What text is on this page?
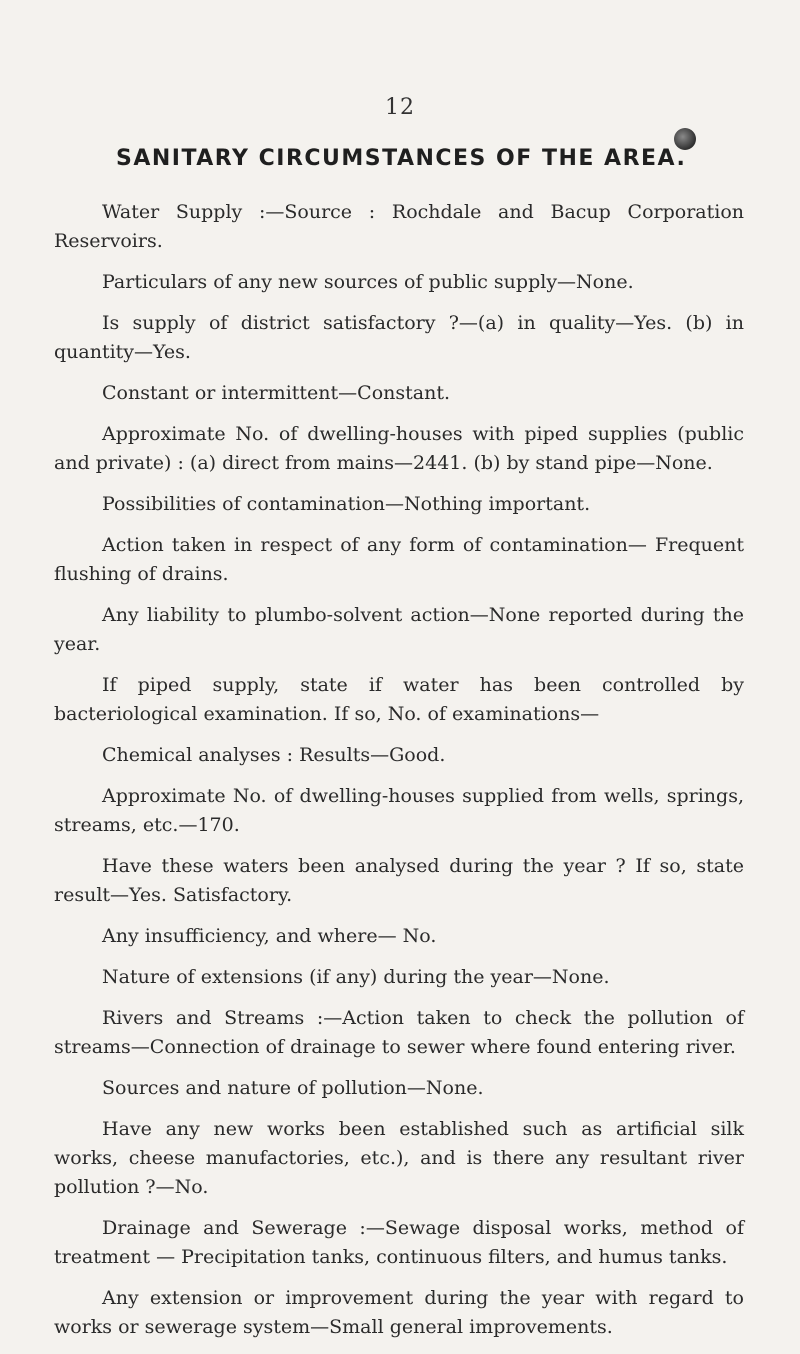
12
SANITARY CIRCUMSTANCES OF THE AREA.

Water Supply :—Source : Rochdale and Bacup Corporation Reservoirs.

Particulars of any new sources of public supply—None.

Is supply of district satisfactory ?—(a) in quality—Yes. (b) in quantity—Yes.

Constant or intermittent—Constant.

Approximate No. of dwelling-houses with piped supplies (public and private) : (a) direct from mains—2441. (b) by stand pipe—None.

Possibilities of contamination—Nothing important.

Action taken in respect of any form of contamination— Frequent flushing of drains.

Any liability to plumbo-solvent action—None reported during the year.

If piped supply, state if water has been controlled by bacteriological examination. If so, No. of examinations—

Chemical analyses : Results—Good.

Approximate No. of dwelling-houses supplied from wells, springs, streams, etc.—170.

Have these waters been analysed during the year ? If so, state result—Yes. Satisfactory.

Any insufficiency, and where— No.

Nature of extensions (if any) during the year—None.

Rivers and Streams :—Action taken to check the pollution of streams—Connection of drainage to sewer where found entering river.

Sources and nature of pollution—None.

Have any new works been established such as artificial silk works, cheese manufactories, etc.), and is there any resultant river pollution ?—No.

Drainage and Sewerage :—Sewage disposal works, method of treatment — Precipitation tanks, continuous filters, and humus tanks.

Any extension or improvement during the year with regard to works or sewerage system—Small general improvements.
